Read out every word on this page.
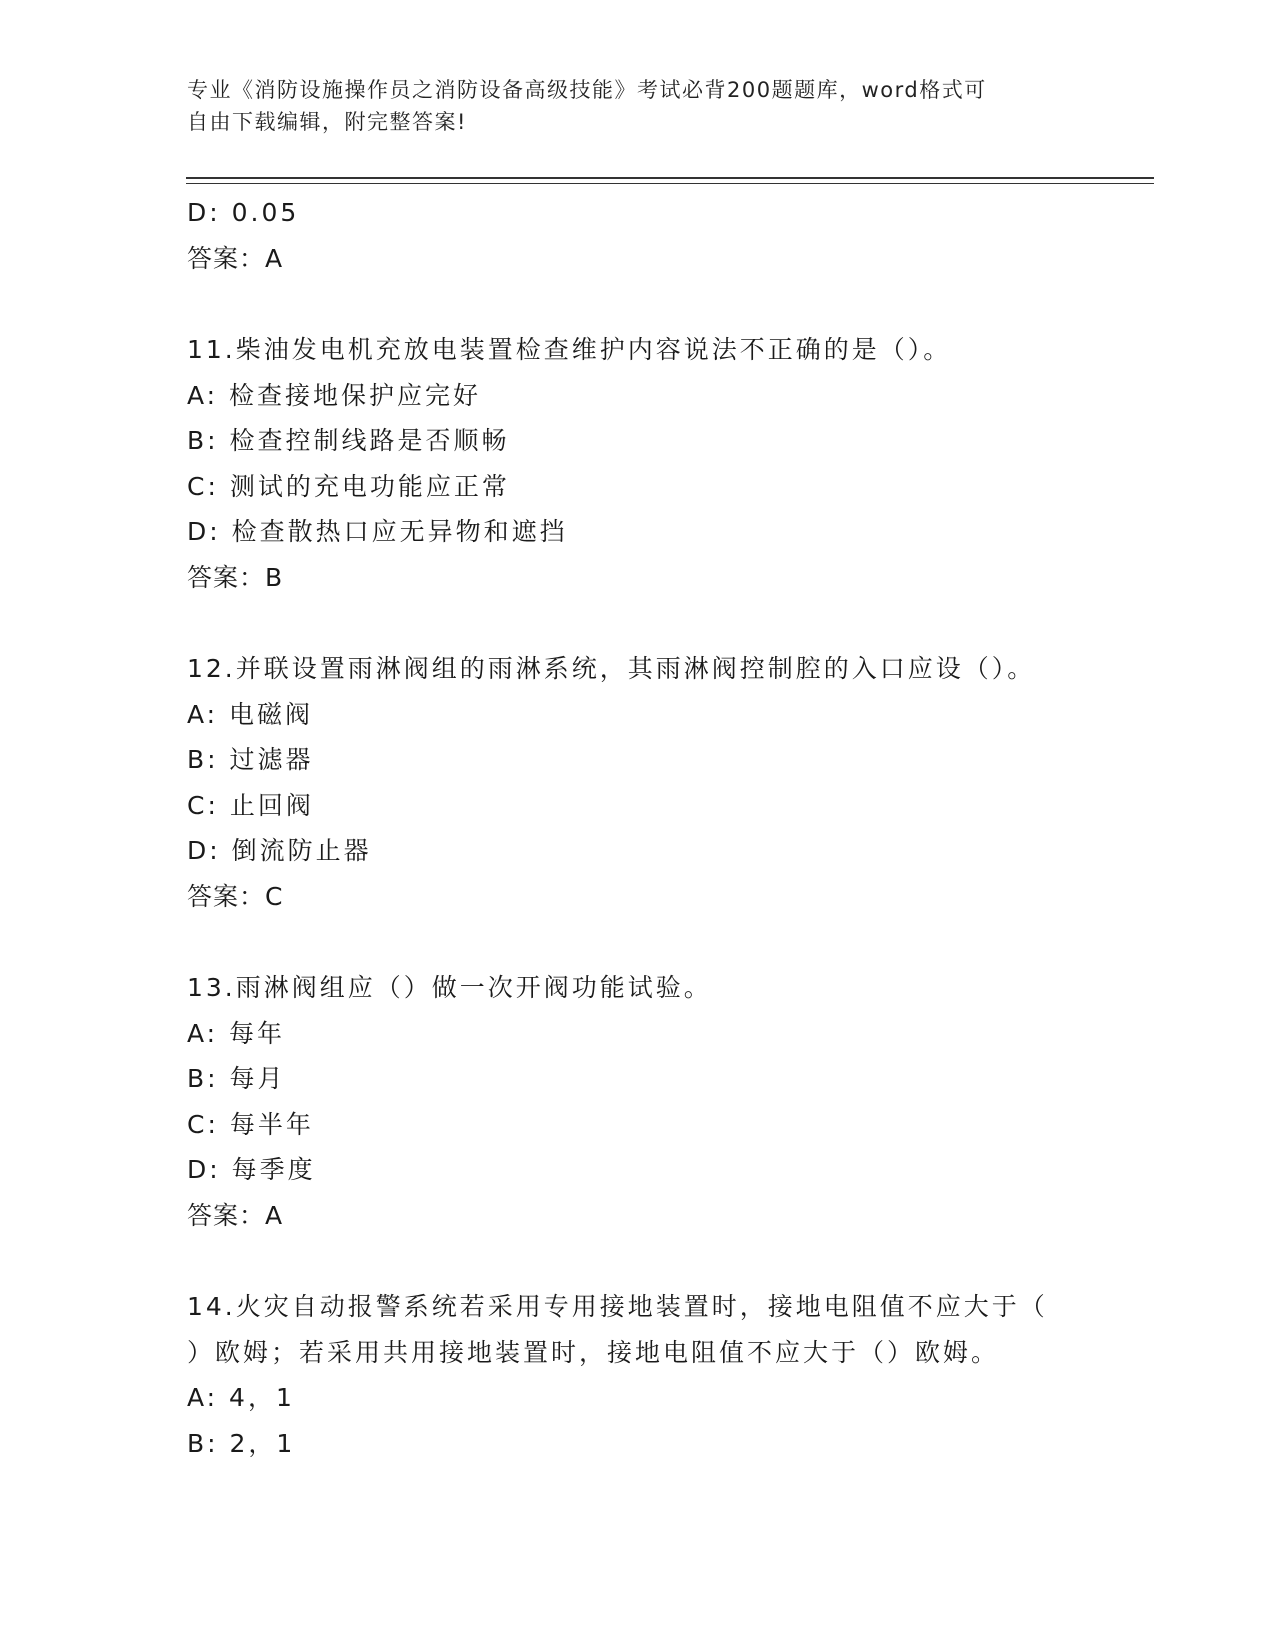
专业《消防设施操作员之消防设备高级技能》考试必背200题题库，word格式可
自由下载编辑，附完整答案!
D: 0.05
答案：A
11.柴油发电机充放电装置检查维护内容说法不正确的是（）。
A: 检查接地保护应完好
B: 检查控制线路是否顺畅
C: 测试的充电功能应正常
D: 检查散热口应无异物和遮挡
答案：B
12.并联设置雨淋阀组的雨淋系统，其雨淋阀控制腔的入口应设（）。
A: 电磁阀
B: 过滤器
C: 止回阀
D: 倒流防止器
答案：C
13.雨淋阀组应（）做一次开阀功能试验。
A: 每年
B: 每月
C: 每半年
D: 每季度
答案：A
14.火灾自动报警系统若采用专用接地装置时，接地电阻值不应大于（
）欧姆；若采用共用接地装置时，接地电阻值不应大于（）欧姆。
A: 4，1
B: 2，1
